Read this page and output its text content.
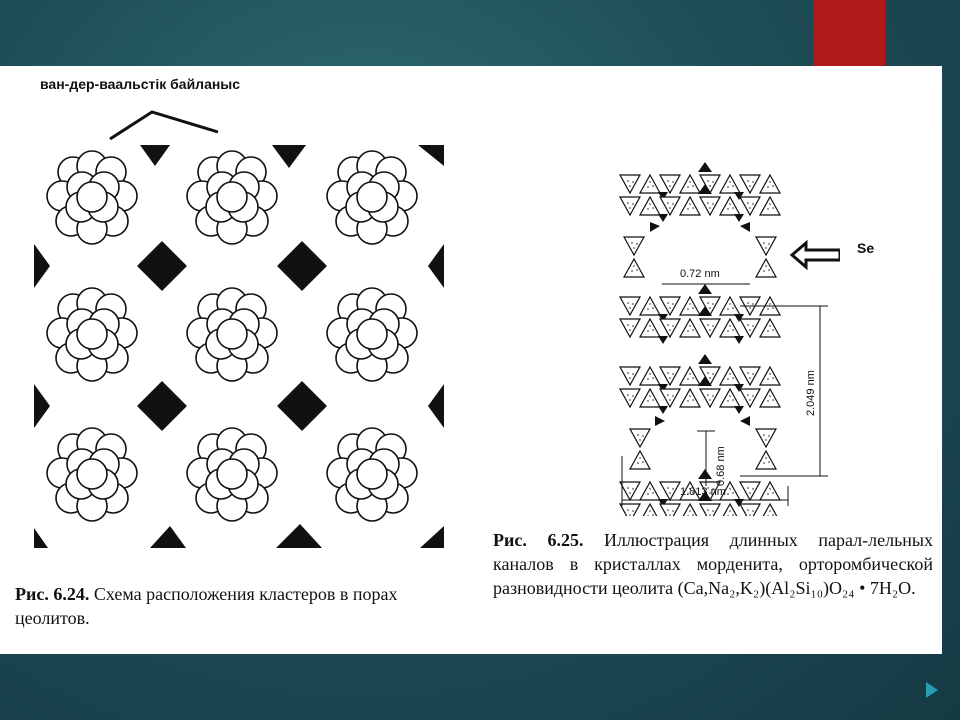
ван-дер-ваальстік байланыс
0.72 nm
0.68 nm
2.049 nm
1.813 nm
Se
Рис. 6.24. Схема расположения кластеров в порах цеолитов.
Рис. 6.25. Иллюстрация длинных парал-лельных каналов в кристаллах морденита, орторомбической разновидности цеолита (Ca,Na₂,K₂)(Al₂Si₁₀)O₂₄ • 7H₂O.
